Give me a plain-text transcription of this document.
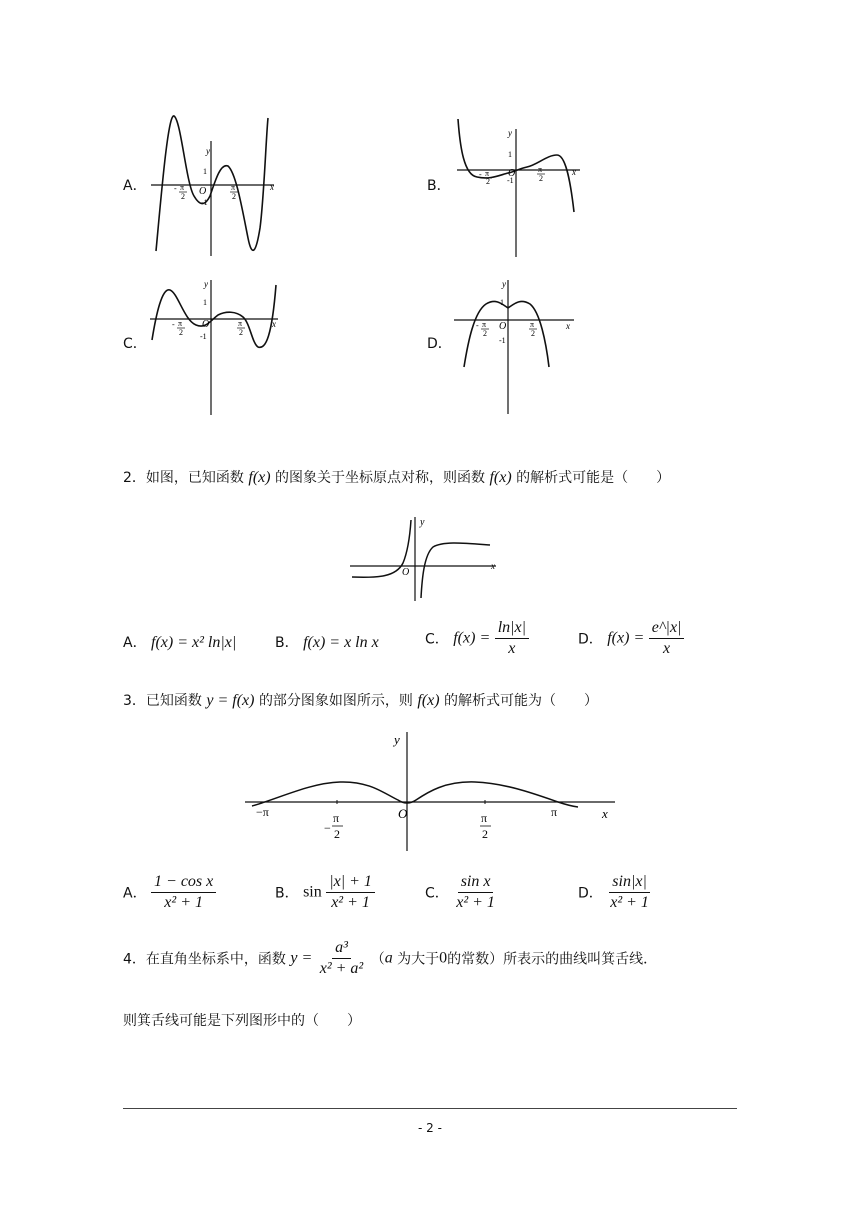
A．
y
x
1
-1
O
- π
2
π
2
B．
y
x
1
-1
O
- π
2
π
2
C．
y
x
1
-1
O
- π
2
π
2
D．
y
x
1
-1
O
- π
2
π
2
2．如图，已知函数 f(x) 的图象关于坐标原点对称，则函数 f(x) 的解析式可能是（　　）
y
x
O
A． f(x) = x² ln|x|	B． f(x) = x ln x	C． $f(x) = \frac{\ln|x|}{x}$	D． $f(x) = \frac{e\^{}|x|}{x}$
3．已知函数 y = f(x) 的部分图象如图所示，则 f(x) 的解析式可能为（　　）
y
x
O
−π	π
−
π
2
π
2
A． $\frac{\text{1 − cos x}}{\text{x² + 1}}$	B． $\sin \frac{|x| + 1}{\text{x² + 1}}$	C． $\frac{\text{sin x}}{\text{x² + 1}}$	D． $\frac{\sin|x|}{\text{x² + 1}}$
4．在直角坐标系中，函数 $y = \frac{\text{a³}}{\text{x² + a²}} (a$ 为大于0的常数）所表示的曲线叫箕舌线．
则箕舌线可能是下列图形中的（　　）
- 2 -
